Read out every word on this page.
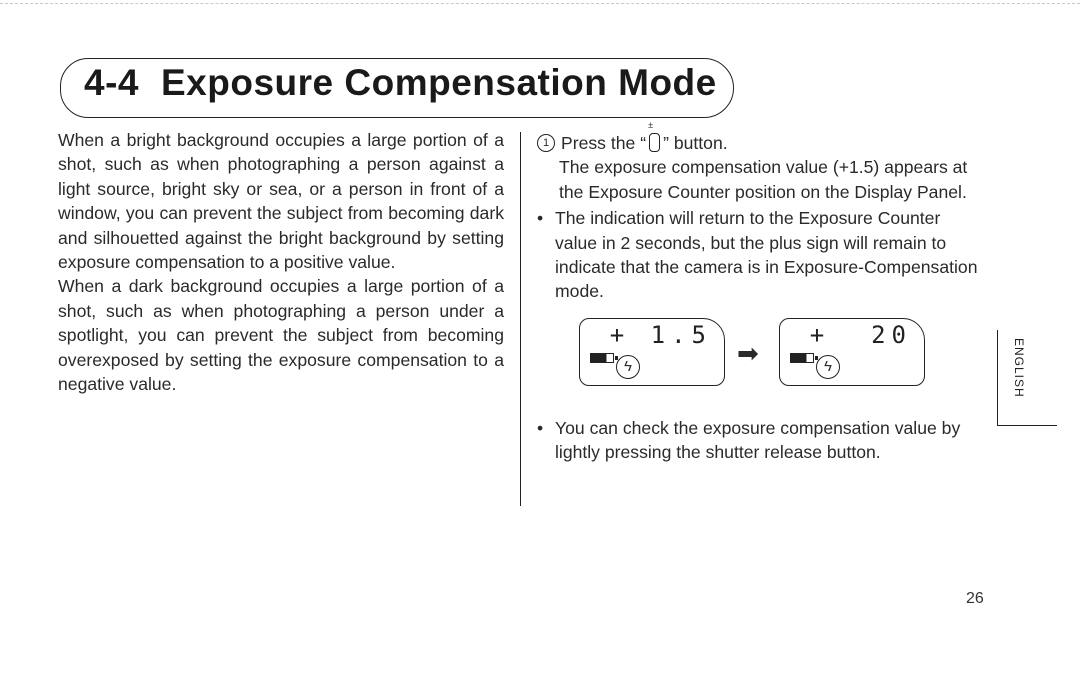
4-4 Exposure Compensation Mode

When a bright background occupies a large portion of a shot, such as when photographing a person against a light source, bright sky or sea, or a person in front of a window, you can prevent the subject from becoming dark and silhouetted against the bright background by setting exposure compensation to a positive value.

When a dark background occupies a large portion of a shot, such as when photographing a person under a spotlight, you can prevent the subject from becoming overexposed by setting the exposure compensation to a negative value.

1 Press the “± ” button.
The exposure compensation value (+1.5) appears at the Exposure Counter position on the Display Panel.
• The indication will return to the Exposure Counter value in 2 seconds, but the plus sign will remain to indicate that the camera is in Exposure-Compensation mode.
+ 1.5
ϟ	➡
+  20
ϟ
• You can check the exposure compensation value by lightly pressing the shutter release button.
ENGLISH
26
